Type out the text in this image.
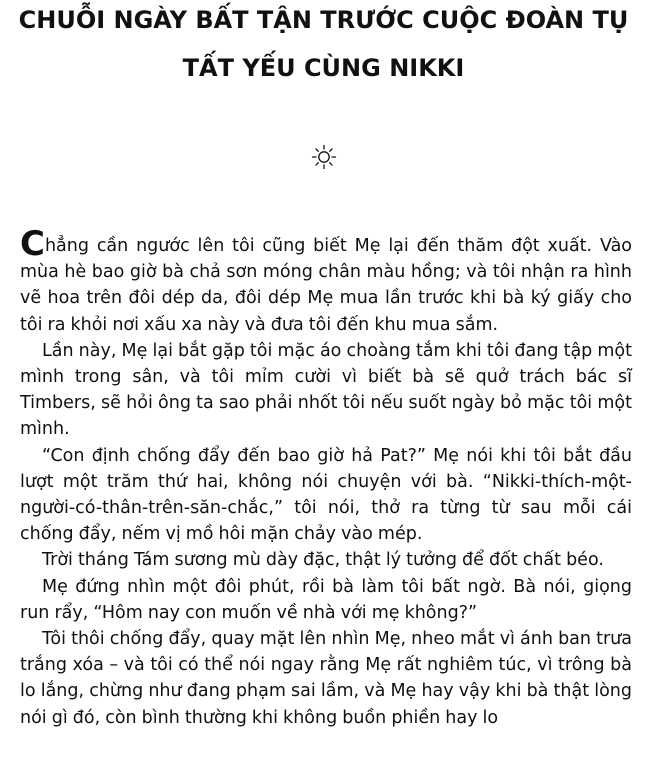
CHUỖI NGÀY BẤT TẬN TRƯỚC CUỘC ĐOÀN TỤ
TẤT YẾU CÙNG NIKKI

Chẳng cần ngước lên tôi cũng biết Mẹ lại đến thăm đột xuất. Vào mùa hè bao giờ bà chả sơn móng chân màu hồng; và tôi nhận ra hình vẽ hoa trên đôi dép da, đôi dép Mẹ mua lần trước khi bà ký giấy cho tôi ra khỏi nơi xấu xa này và đưa tôi đến khu mua sắm.

Lần này, Mẹ lại bắt gặp tôi mặc áo choàng tắm khi tôi đang tập một mình trong sân, và tôi mỉm cười vì biết bà sẽ quở trách bác sĩ Timbers, sẽ hỏi ông ta sao phải nhốt tôi nếu suốt ngày bỏ mặc tôi một mình.

“Con định chống đẩy đến bao giờ hả Pat?” Mẹ nói khi tôi bắt đầu lượt một trăm thứ hai, không nói chuyện với bà. “Nikki-thích-một-người-có-thân-trên-săn-chắc,” tôi nói, thở ra từng từ sau mỗi cái chống đẩy, nếm vị mồ hôi mặn chảy vào mép.

Trời tháng Tám sương mù dày đặc, thật lý tưởng để đốt chất béo.

Mẹ đứng nhìn một đôi phút, rồi bà làm tôi bất ngờ. Bà nói, giọng run rẩy, “Hôm nay con muốn về nhà với mẹ không?”

Tôi thôi chống đẩy, quay mặt lên nhìn Mẹ, nheo mắt vì ánh ban trưa trắng xóa – và tôi có thể nói ngay rằng Mẹ rất nghiêm túc, vì trông bà lo lắng, chừng như đang phạm sai lầm, và Mẹ hay vậy khi bà thật lòng nói gì đó, còn bình thường khi không buồn phiền hay lo
